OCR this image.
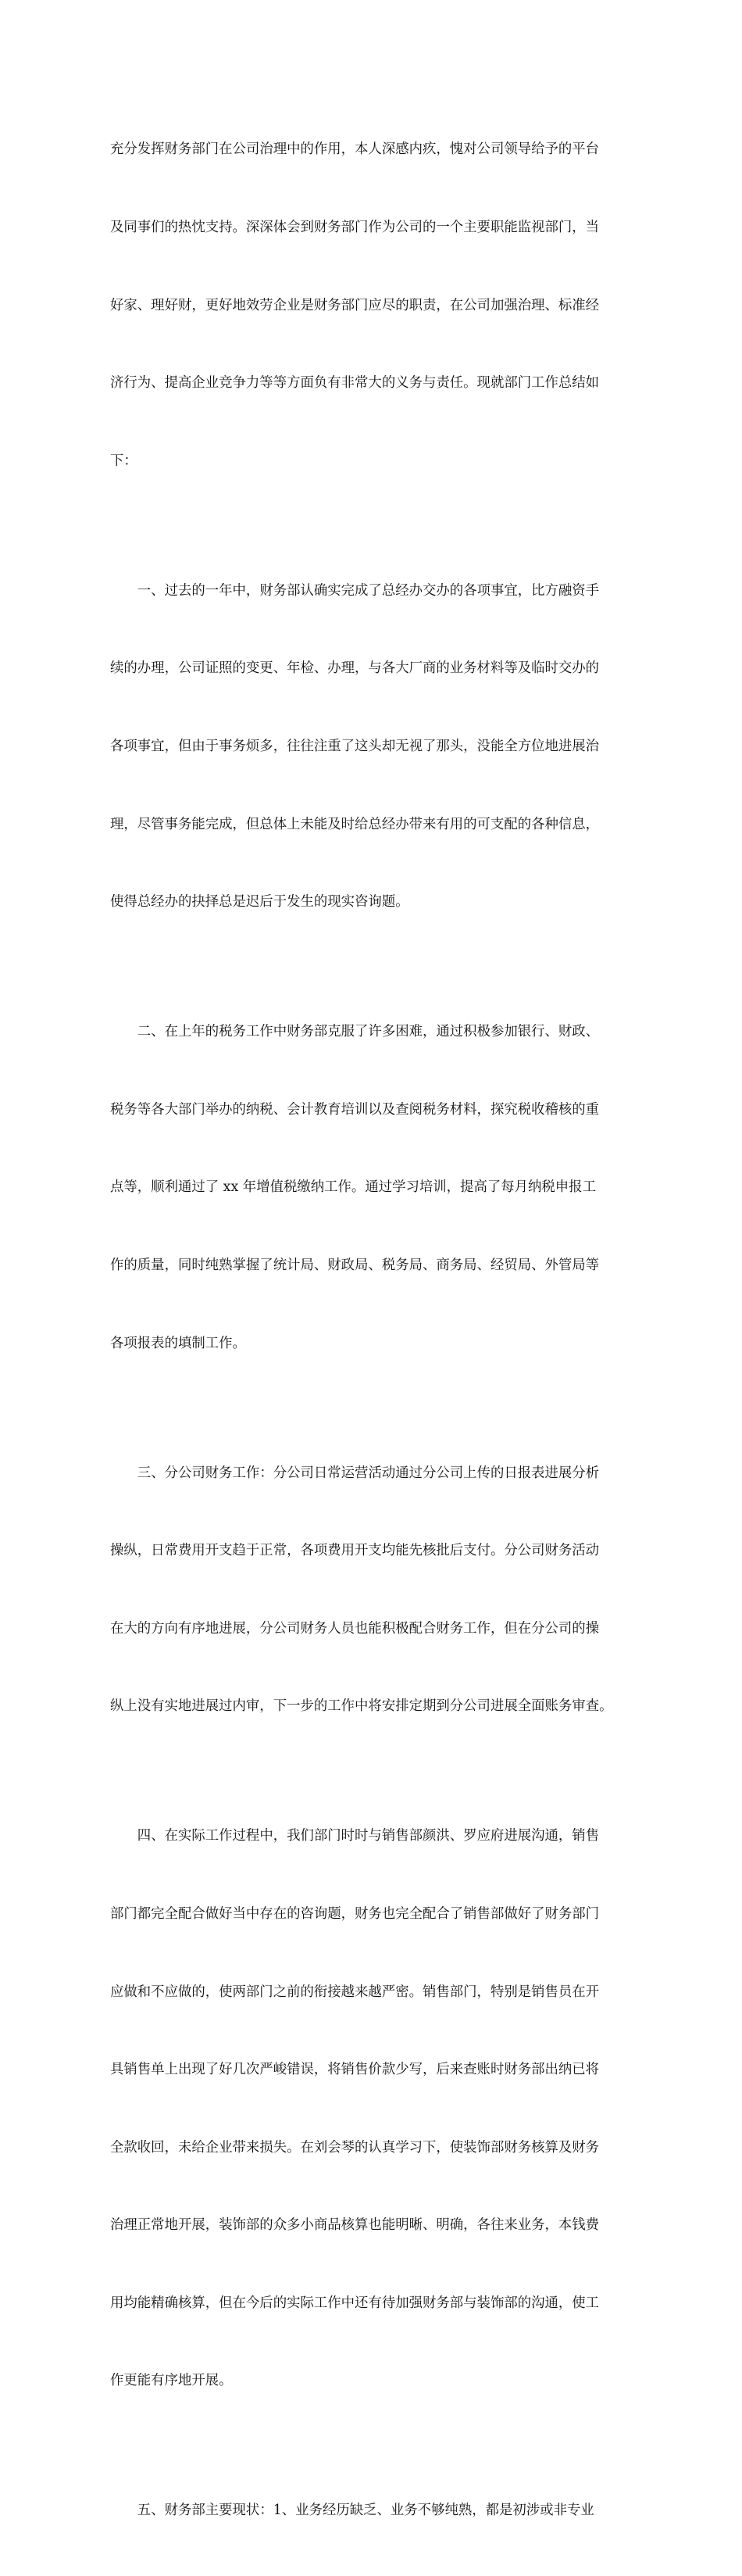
充分发挥财务部门在公司治理中的作用，本人深感内疚，愧对公司领导给予的平台

及同事们的热忱支持。深深体会到财务部门作为公司的一个主要职能监视部门，当

好家、理好财，更好地效劳企业是财务部门应尽的职责，在公司加强治理、标准经

济行为、提高企业竞争力等等方面负有非常大的义务与责任。现就部门工作总结如

下：

一、过去的一年中，财务部认确实完成了总经办交办的各项事宜，比方融资手

续的办理，公司证照的变更、年检、办理，与各大厂商的业务材料等及临时交办的

各项事宜，但由于事务烦多，往往注重了这头却无视了那头，没能全方位地进展治

理，尽管事务能完成，但总体上未能及时给总经办带来有用的可支配的各种信息，

使得总经办的抉择总是迟后于发生的现实咨询题。

二、在上年的税务工作中财务部克服了许多困难，通过积极参加银行、财政、

税务等各大部门举办的纳税、会计教育培训以及查阅税务材料，探究税收稽核的重

点等，顺利通过了 xx 年增值税缴纳工作。通过学习培训，提高了每月纳税申报工

作的质量，同时纯熟掌握了统计局、财政局、税务局、商务局、经贸局、外管局等

各项报表的填制工作。

三、分公司财务工作：分公司日常运营活动通过分公司上传的日报表进展分析

操纵，日常费用开支趋于正常，各项费用开支均能先核批后支付。分公司财务活动

在大的方向有序地进展，分公司财务人员也能积极配合财务工作，但在分公司的操

纵上没有实地进展过内审，下一步的工作中将安排定期到分公司进展全面账务审查。

四、在实际工作过程中，我们部门时时与销售部颜洪、罗应府进展沟通，销售

部门都完全配合做好当中存在的咨询题，财务也完全配合了销售部做好了财务部门

应做和不应做的，使两部门之前的衔接越来越严密。销售部门，特别是销售员在开

具销售单上出现了好几次严峻错误，将销售价款少写，后来查账时财务部出纳已将

全款收回，未给企业带来损失。在刘会琴的认真学习下，使装饰部财务核算及财务

治理正常地开展，装饰部的众多小商品核算也能明晰、明确，各往来业务，本钱费

用均能精确核算，但在今后的实际工作中还有待加强财务部与装饰部的沟通，使工

作更能有序地开展。

五、财务部主要现状：1、业务经历缺乏、业务不够纯熟，都是初涉或非专业
